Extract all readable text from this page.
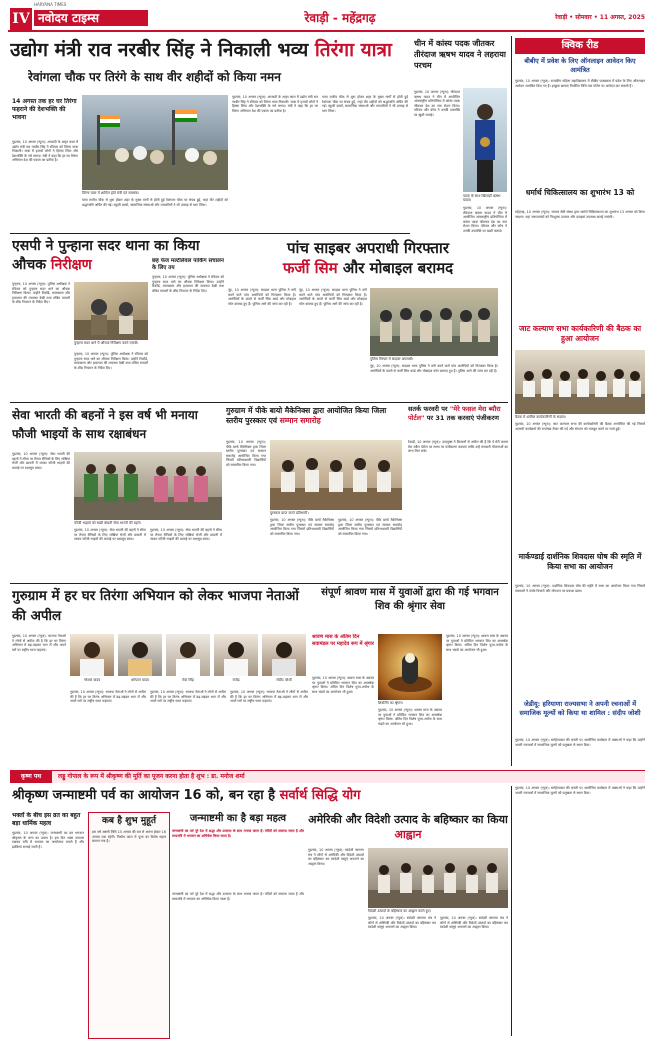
IV नवोदय टाइम्स
HARYANA TIMES
रेवाड़ी - महेंद्रगढ़	रेवाड़ी • सोमवार • 11 अगस्त, 2025
उद्योग मंत्री राव नरबीर सिंह ने निकाली भव्य तिरंगा यात्रा
रेवांगला चौक पर तिरंगे के साथ वीर शहीदों को किया नमन
14 अगस्त तक हर घर तिरंगा फहराने की देशभक्ति की भावना
गुड़गांव, 10 अगस्त (न्यूज): आजादी के अमृत काल में उद्योग मंत्री राव नरबीर सिंह ने रविवार को तिरंगा यात्रा निकाली। यात्रा में हजारों लोगों ने हिस्सा लिया और देशभक्ति के नारे लगाए। मंत्री ने कहा कि हर घर तिरंगा अभियान देश की एकता का प्रतीक है।
तिरंगा यात्रा में शामिल होते मंत्री एवं समर्थक।
यात्रा राजीव चौक से शुरू होकर शहर के मुख्य मार्गों से होती हुई रेवांगला चौक पर संपन्न हुई, जहां वीर शहीदों को श्रद्धांजलि अर्पित की गई। स्कूली बच्चों, सामाजिक संस्थाओं और व्यापारियों ने भी उत्साह से भाग लिया।
गुड़गांव, 10 अगस्त (न्यूज): आजादी के अमृत काल में उद्योग मंत्री राव नरबीर सिंह ने रविवार को तिरंगा यात्रा निकाली। यात्रा में हजारों लोगों ने हिस्सा लिया और देशभक्ति के नारे लगाए। मंत्री ने कहा कि हर घर तिरंगा अभियान देश की एकता का प्रतीक है।
यात्रा राजीव चौक से शुरू होकर शहर के मुख्य मार्गों से होती हुई रेवांगला चौक पर संपन्न हुई, जहां वीर शहीदों को श्रद्धांजलि अर्पित की गई। स्कूली बच्चों, सामाजिक संस्थाओं और व्यापारियों ने भी उत्साह से भाग लिया।
एसपी ने पुन्हाना सदर थाना का किया औचक निरीक्षण
पुन्हाना, 10 अगस्त (न्यूज): पुलिस अधीक्षक ने रविवार को पुन्हाना सदर थाने का औचक निरीक्षण किया। उन्होंने रिकॉर्ड, मालखाना और हवालात की व्यवस्था देखी तथा लंबित मामलों के शीघ्र निपटान के निर्देश दिए।
पुन्हाना सदर थाने में औचक निरीक्षण करते एसपी।
पुन्हाना, 10 अगस्त (न्यूज): पुलिस अधीक्षक ने रविवार को पुन्हाना सदर थाने का औचक निरीक्षण किया। उन्होंने रिकॉर्ड, मालखाना और हवालात की व्यवस्था देखी तथा लंबित मामलों के शीघ्र निपटान के निर्देश दिए।
छह फेज मल्टीलेवल पार्किंग संचालन के लिए तय
पुन्हाना, 10 अगस्त (न्यूज): पुलिस अधीक्षक ने रविवार को पुन्हाना सदर थाने का औचक निरीक्षण किया। उन्होंने रिकॉर्ड, मालखाना और हवालात की व्यवस्था देखी तथा लंबित मामलों के शीघ्र निपटान के निर्देश दिए।
पांच साइबर अपराधी गिरफ्तार
फर्जी सिम और मोबाइल बरामद
पुलिस गिरफ्त में साइबर अपराधी।
नूंह, 10 अगस्त (न्यूज): साइबर थाना पुलिस ने ठगी करने वाले पांच आरोपियों को गिरफ्तार किया है। आरोपियों के कब्जे से फर्जी सिम कार्ड और मोबाइल फोन बरामद हुए हैं। पुलिस आगे की जांच कर रही है।
नूंह, 10 अगस्त (न्यूज): साइबर थाना पुलिस ने ठगी करने वाले पांच आरोपियों को गिरफ्तार किया है। आरोपियों के कब्जे से फर्जी सिम कार्ड और मोबाइल फोन बरामद हुए हैं। पुलिस आगे की जांच कर रही है।
नूंह, 10 अगस्त (न्यूज): साइबर थाना पुलिस ने ठगी करने वाले पांच आरोपियों को गिरफ्तार किया है। आरोपियों के कब्जे से फर्जी सिम कार्ड और मोबाइल फोन बरामद हुए हैं। पुलिस आगे की जांच कर रही है।
चीन में कांस्य पदक जीतकर तीरंदाज ऋषभ यादव ने लहराया परचम
गुड़गांव, 10 अगस्त (न्यूज): तीरंदाज ऋषभ यादव ने चीन में आयोजित अंतरराष्ट्रीय प्रतियोगिता में कांस्य पदक जीतकर देश का नाम रोशन किया। परिवार और कोच ने उनकी उपलब्धि पर खुशी जताई।
पदक के साथ खिलाड़ी ऋषभ यादव।
गुड़गांव, 10 अगस्त (न्यूज): तीरंदाज ऋषभ यादव ने चीन में आयोजित अंतरराष्ट्रीय प्रतियोगिता में कांस्य पदक जीतकर देश का नाम रोशन किया। परिवार और कोच ने उनकी उपलब्धि पर खुशी जताई।
सतर्क फरवरी पर "मेरे फसल मेरा ब्यौरा पोर्टल" पर 31 तक करवाएं पंजीकरण
रेवाड़ी, 10 अगस्त (न्यूज): उपायुक्त ने किसानों से अपील की है कि वे मेरी फसल मेरा ब्यौरा पोर्टल पर समय पर पंजीकरण करवाएं ताकि उन्हें सरकारी योजनाओं का लाभ मिल सके।
सेवा भारती की बहनों ने इस वर्ष भी मनाया फौजी भाइयों के साथ रक्षाबंधन
गुड़गांव, 10 अगस्त (न्यूज): सेवा भारती की बहनों ने सीमा पर तैनात सैनिकों के लिए राखियां भेजीं और छावनी में जाकर फौजी भाइयों की कलाई पर रक्षासूत्र बांधा।
फौजी भाइयों को राखी बांधती सेवा भारती की बहनें।
गुड़गांव, 10 अगस्त (न्यूज): सेवा भारती की बहनों ने सीमा पर तैनात सैनिकों के लिए राखियां भेजीं और छावनी में जाकर फौजी भाइयों की कलाई पर रक्षासूत्र बांधा।
गुड़गांव, 10 अगस्त (न्यूज): सेवा भारती की बहनों ने सीमा पर तैनात सैनिकों के लिए राखियां भेजीं और छावनी में जाकर फौजी भाइयों की कलाई पर रक्षासूत्र बांधा।
गुरुग्राम में पीके बायो मैकेनिक्स द्वारा आयोजित किया जिला स्तरीय पुरस्कार एवं सम्मान समारोह
गुड़गांव, 10 अगस्त (न्यूज): पीके बायो मैकेनिक्स द्वारा जिला स्तरीय पुरस्कार एवं सम्मान समारोह आयोजित किया गया जिसमें प्रतिभाशाली विद्यार्थियों को सम्मानित किया गया।
पुरस्कार प्राप्त करते प्रतिभागी।
गुड़गांव, 10 अगस्त (न्यूज): पीके बायो मैकेनिक्स द्वारा जिला स्तरीय पुरस्कार एवं सम्मान समारोह आयोजित किया गया जिसमें प्रतिभाशाली विद्यार्थियों को सम्मानित किया गया।
गुड़गांव, 10 अगस्त (न्यूज): पीके बायो मैकेनिक्स द्वारा जिला स्तरीय पुरस्कार एवं सम्मान समारोह आयोजित किया गया जिसमें प्रतिभाशाली विद्यार्थियों को सम्मानित किया गया।
गुरुग्राम में हर घर तिरंगा अभियान को लेकर भाजपा नेताओं की अपील
गुड़गांव, 10 अगस्त (न्यूज): भाजपा नेताओं ने लोगों से अपील की है कि हर घर तिरंगा अभियान में बढ़-चढ़कर भाग लें और अपने घरों पर राष्ट्रीय ध्वज फहराएं।
नरेश्वर यादव	धर्मपाल यादव	मेवा सिंह	राजेंद्र	संदीप जोशी
गुड़गांव, 10 अगस्त (न्यूज): भाजपा नेताओं ने लोगों से अपील की है कि हर घर तिरंगा अभियान में बढ़-चढ़कर भाग लें और अपने घरों पर राष्ट्रीय ध्वज फहराएं।
गुड़गांव, 10 अगस्त (न्यूज): भाजपा नेताओं ने लोगों से अपील की है कि हर घर तिरंगा अभियान में बढ़-चढ़कर भाग लें और अपने घरों पर राष्ट्रीय ध्वज फहराएं।
गुड़गांव, 10 अगस्त (न्यूज): भाजपा नेताओं ने लोगों से अपील की है कि हर घर तिरंगा अभियान में बढ़-चढ़कर भाग लें और अपने घरों पर राष्ट्रीय ध्वज फहराएं।
संपूर्ण श्रावण मास में युवाओं द्वारा की गई भगवान शिव की श्रृंगार सेवा
श्रावण मास के अंतिम दिन सवामंडल पर महादेव रूप में श्रृंगार
गुड़गांव, 10 अगस्त (न्यूज): श्रावण मास के अवसर पर युवाओं ने प्रतिदिन भगवान शिव का आकर्षक श्रृंगार किया। अंतिम दिन विशेष पूजा-अर्चना के साथ भंडारे का आयोजन भी हुआ।
शिवलिंग का श्रृंगार।
गुड़गांव, 10 अगस्त (न्यूज): श्रावण मास के अवसर पर युवाओं ने प्रतिदिन भगवान शिव का आकर्षक श्रृंगार किया। अंतिम दिन विशेष पूजा-अर्चना के साथ भंडारे का आयोजन भी हुआ।
गुड़गांव, 10 अगस्त (न्यूज): श्रावण मास के अवसर पर युवाओं ने प्रतिदिन भगवान शिव का आकर्षक श्रृंगार किया। अंतिम दिन विशेष पूजा-अर्चना के साथ भंडारे का आयोजन भी हुआ।
क्विक रीड
बीबीए में प्रवेश के लिए ऑनलाइन आवेदन किए आमंत्रित
गुड़गांव, 10 अगस्त (न्यूज): राजकीय महिला महाविद्यालय में बीबीए पाठ्यक्रम में प्रवेश के लिए ऑनलाइन आवेदन आमंत्रित किए गए हैं। इच्छुक छात्राएं निर्धारित तिथि तक पोर्टल पर आवेदन कर सकती हैं।
धर्मार्थ चिकित्सालय का शुभारंभ 13 को
महेंद्रगढ़, 10 अगस्त (न्यूज): समाज सेवी संस्था द्वारा धर्मार्थ चिकित्सालय का शुभारंभ 13 अगस्त को किया जाएगा। यहां जरूरतमंदों को निःशुल्क उपचार और दवाइयां उपलब्ध कराई जाएंगी।
जाट कल्याण सभा कार्यकारिणी की बैठक का हुआ आयोजन
बैठक में शामिल कार्यकारिणी के सदस्य।
गुड़गांव, 10 अगस्त (न्यूज): जाट कल्याण सभा की कार्यकारिणी की बैठक आयोजित की गई जिसमें आगामी कार्यक्रमों की रूपरेखा तैयार की गई और संगठन को मजबूत करने पर चर्चा हुई।
मार्कण्डाई दार्शनिक शिवदास घोष की स्मृति में किया सभा का आयोजन
गुड़गांव, 10 अगस्त (न्यूज): दार्शनिक शिवदास घोष की स्मृति में सभा का आयोजन किया गया जिसमें वक्ताओं ने उनके विचारों और योगदान पर प्रकाश डाला।
जेडीयू: हरियाणा राज्यसभा ने अपनी रचनाओं में समाजिक मूल्यों को किया था शामिल : संदीप जोशी
गुड़गांव, 10 अगस्त (न्यूज): साहित्यकार की जयंती पर आयोजित कार्यक्रम में वक्ताओं ने कहा कि उन्होंने अपनी रचनाओं में सामाजिक मूल्यों को प्रमुखता से स्थान दिया।
कृष्ण पथ	लड्डू गोपाल के रूप में श्रीकृष्ण की मूर्ति का पूजन करना होता है शुभ : डा. मनोज शर्मा
श्रीकृष्ण जन्माष्टमी पर्व का आयोजन 16 को, बन रहा है सर्वार्थ सिद्धि योग
भक्तों के बीच इस व्रत का बहुत बड़ा धार्मिक महत्व
गुड़गांव, 10 अगस्त (न्यूज): जन्माष्टमी का व्रत भगवान श्रीकृष्ण के जन्म का उत्सव है। इस दिन भक्त उपवास रखकर रात्रि में भगवान का जन्मोत्सव मनाते हैं और झांकियां सजाई जाती हैं।
कब है शुभ मुहूर्त
इस वर्ष अष्टमी तिथि 15 अगस्त की रात से आरंभ होकर 16 अगस्त तक रहेगी। निशीथ काल में पूजा का विशेष महत्व बताया गया है।
जन्माष्टमी का है बड़ा महत्व
जन्माष्टमी का पर्व पूरे देश में श्रद्धा और उल्लास के साथ मनाया जाता है। मंदिरों को सजाया जाता है और मध्यरात्रि में भगवान का अभिषेक किया जाता है।
जन्माष्टमी का पर्व पूरे देश में श्रद्धा और उल्लास के साथ मनाया जाता है। मंदिरों को सजाया जाता है और मध्यरात्रि में भगवान का अभिषेक किया जाता है।
अमेरिकी और विदेशी उत्पाद के बहिष्कार का किया आह्वान
गुड़गांव, 10 अगस्त (न्यूज): स्वदेशी जागरण मंच ने लोगों से अमेरिकी और विदेशी उत्पादों का बहिष्कार कर स्वदेशी वस्तुएं अपनाने का आह्वान किया।
विदेशी उत्पादों के बहिष्कार का आह्वान करते हुए।
गुड़गांव, 10 अगस्त (न्यूज): स्वदेशी जागरण मंच ने लोगों से अमेरिकी और विदेशी उत्पादों का बहिष्कार कर स्वदेशी वस्तुएं अपनाने का आह्वान किया।
गुड़गांव, 10 अगस्त (न्यूज): स्वदेशी जागरण मंच ने लोगों से अमेरिकी और विदेशी उत्पादों का बहिष्कार कर स्वदेशी वस्तुएं अपनाने का आह्वान किया।
गुड़गांव, 10 अगस्त (न्यूज): साहित्यकार की जयंती पर आयोजित कार्यक्रम में वक्ताओं ने कहा कि उन्होंने अपनी रचनाओं में सामाजिक मूल्यों को प्रमुखता से स्थान दिया।
